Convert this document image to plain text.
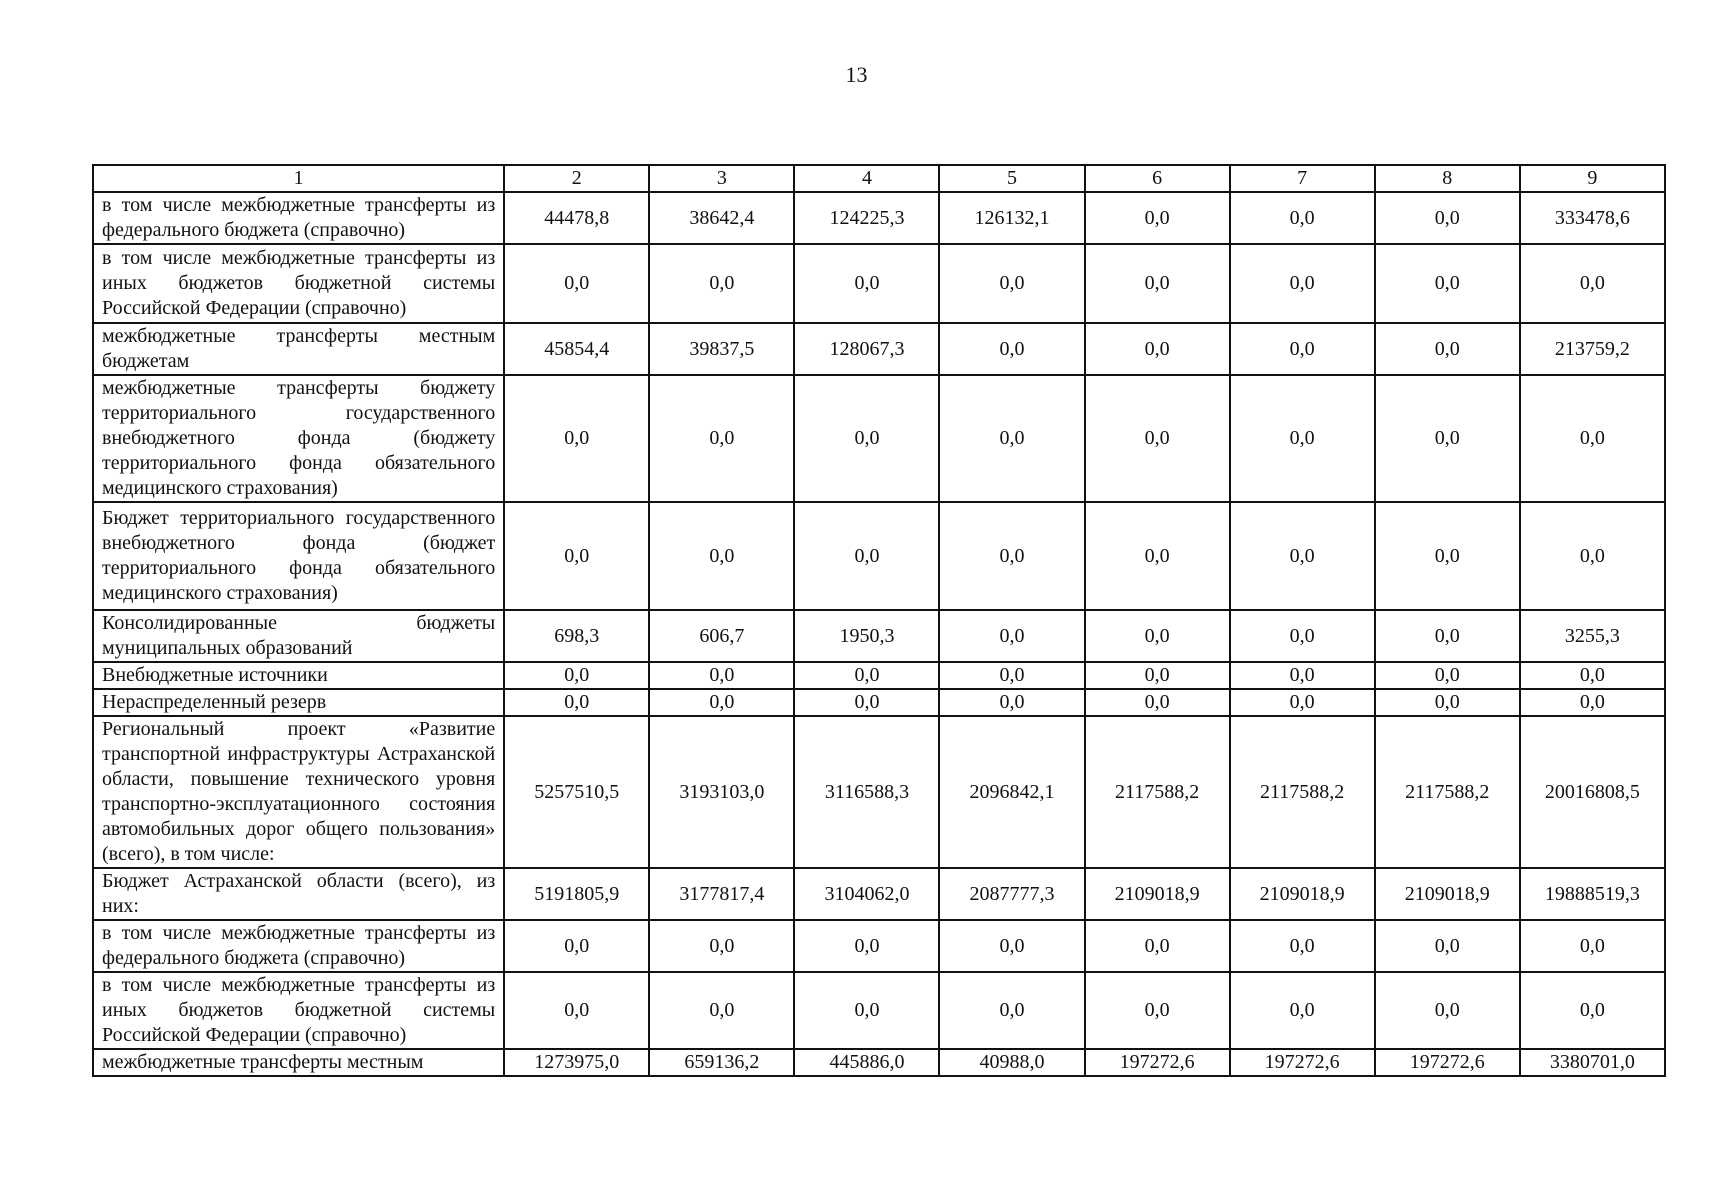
13
1	2	3	4	5	6	7	8	9
в том числе межбюджетные трансферты из федерального бюджета (справочно)	44478,8	38642,4	124225,3	126132,1	0,0	0,0	0,0	333478,6
в том числе межбюджетные трансферты из иных бюджетов бюджетной системы Российской Федерации (справочно)	0,0	0,0	0,0	0,0	0,0	0,0	0,0	0,0
межбюджетные трансферты местным бюджетам	45854,4	39837,5	128067,3	0,0	0,0	0,0	0,0	213759,2
межбюджетные трансферты бюджету территориального государственного внебюджетного фонда (бюджету территориального фонда обязательного медицинского страхования)	0,0	0,0	0,0	0,0	0,0	0,0	0,0	0,0
Бюджет территориального государственного внебюджетного фонда (бюджет территориального фонда обязательного медицинского страхования)	0,0	0,0	0,0	0,0	0,0	0,0	0,0	0,0
Консолидированные бюджеты муниципальных образований	698,3	606,7	1950,3	0,0	0,0	0,0	0,0	3255,3
Внебюджетные источники	0,0	0,0	0,0	0,0	0,0	0,0	0,0	0,0
Нераспределенный резерв	0,0	0,0	0,0	0,0	0,0	0,0	0,0	0,0
Региональный проект «Развитие транспортной инфраструктуры Астраханской области, повышение технического уровня транспортно-эксплуатационного состояния автомобильных дорог общего пользования» (всего), в том числе:	5257510,5	3193103,0	3116588,3	2096842,1	2117588,2	2117588,2	2117588,2	20016808,5
Бюджет Астраханской области (всего), из них:	5191805,9	3177817,4	3104062,0	2087777,3	2109018,9	2109018,9	2109018,9	19888519,3
в том числе межбюджетные трансферты из федерального бюджета (справочно)	0,0	0,0	0,0	0,0	0,0	0,0	0,0	0,0
в том числе межбюджетные трансферты из иных бюджетов бюджетной системы Российской Федерации (справочно)	0,0	0,0	0,0	0,0	0,0	0,0	0,0	0,0
межбюджетные трансферты местным	1273975,0	659136,2	445886,0	40988,0	197272,6	197272,6	197272,6	3380701,0
